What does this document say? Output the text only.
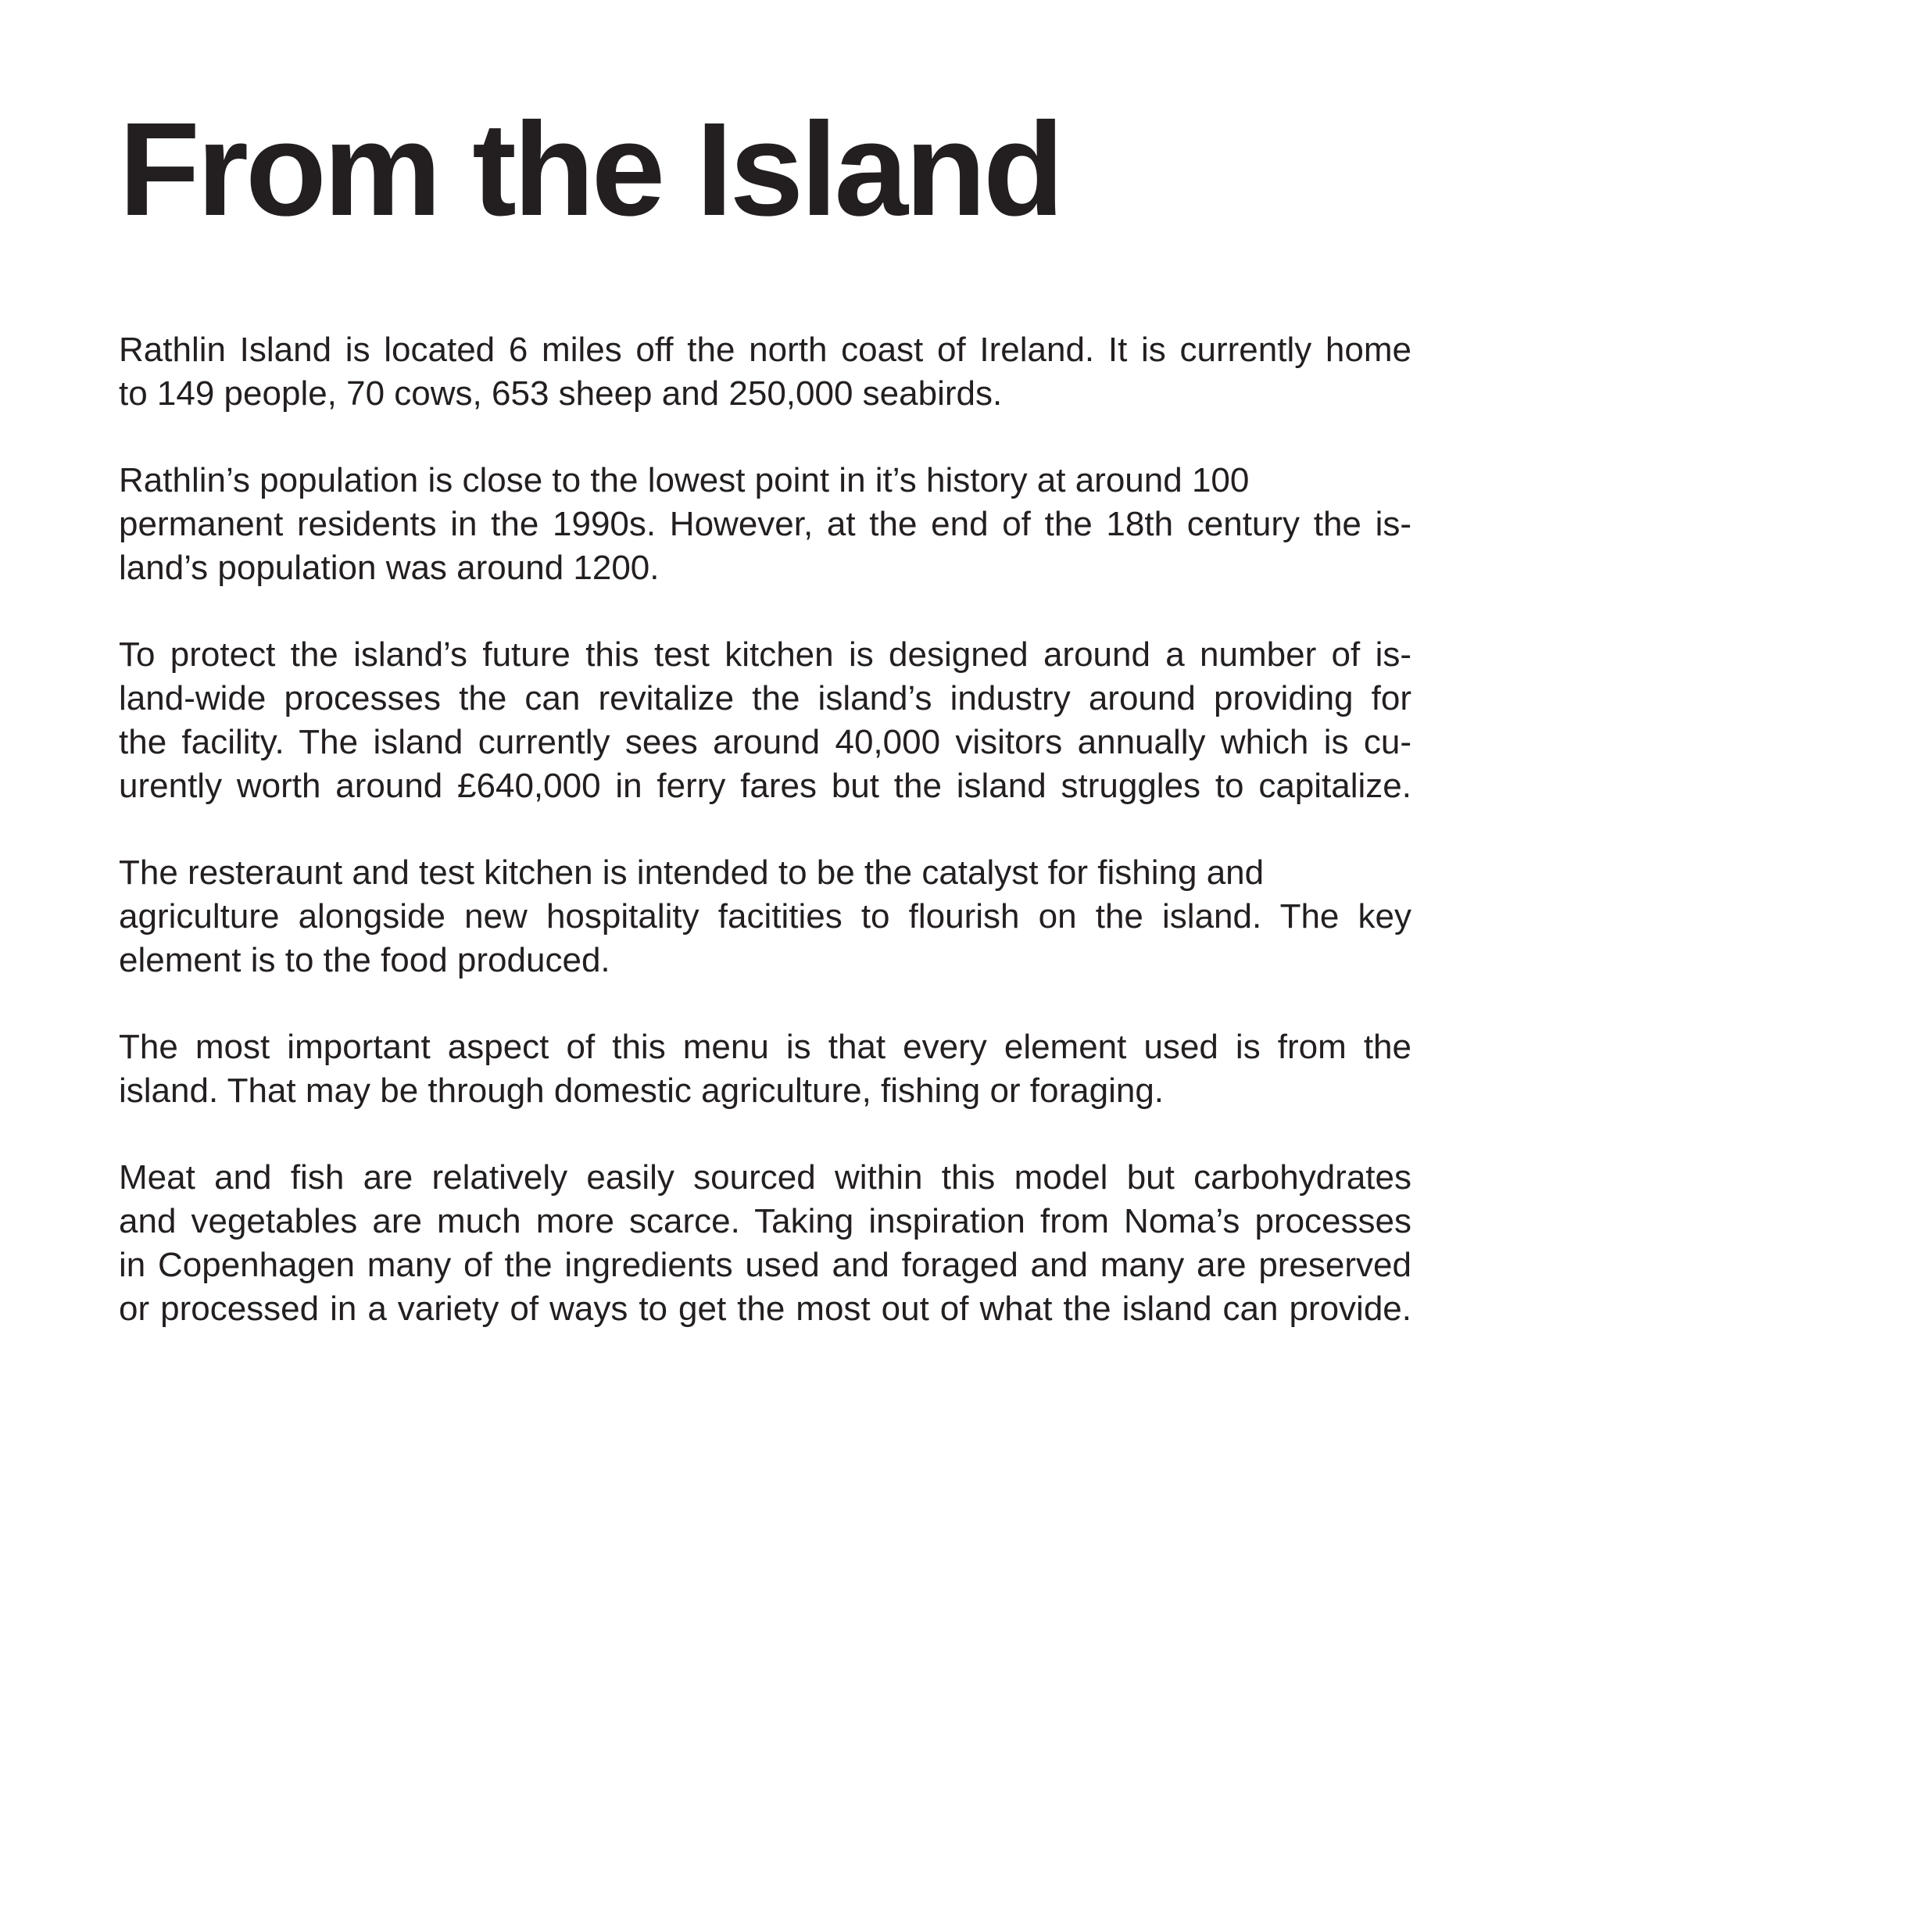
From the Island

Rathlin Island is located 6 miles off the north coast of Ireland. It is currently home
to 149 people, 70 cows, 653 sheep and 250,000 seabirds.

Rathlin’s population is close to the lowest point in it’s history at around 100
permanent residents in the 1990s. However, at the end of the 18th century the is-
land’s population was around 1200.

To protect the island’s future this test kitchen is designed around a number of is-
land-wide processes the can revitalize the island’s industry around providing for
the facility. The island currently sees around 40,000 visitors annually which is cu-
urently worth around £640,000 in ferry fares but the island struggles to capitalize.

The resteraunt and test kitchen is intended to be the catalyst for fishing and
agriculture alongside new hospitality facitities to flourish on the island. The key
element is to the food produced.

The most important aspect of this menu is that every element used is from the
island. That may be through domestic agriculture, fishing or foraging.

Meat and fish are relatively easily sourced within this model but carbohydrates
and vegetables are much more scarce. Taking inspiration from Noma’s processes
in Copenhagen many of the ingredients used and foraged and many are preserved
or processed in a variety of ways to get the most out of what the island can provide.
